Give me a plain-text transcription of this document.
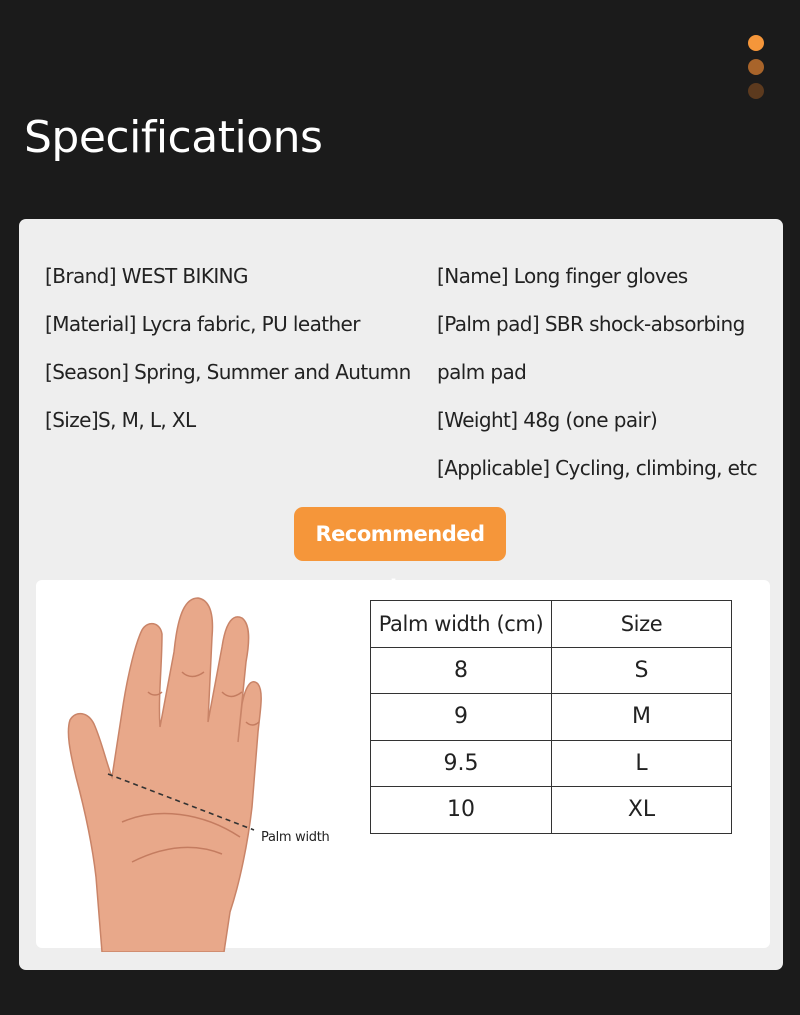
Specifications
[Brand] WEST BIKING
[Material] Lycra fabric, PU leather
[Season] Spring, Summer and Autumn
[Size]S, M, L, XL
[Name] Long finger gloves
[Palm pad] SBR shock-absorbing
palm pad
[Weight] 48g (one pair)
[Applicable] Cycling, climbing, etc
Recommended
Palm width
Palm width (cm)	Size
8	S
9	M
9.5	L
10	XL
